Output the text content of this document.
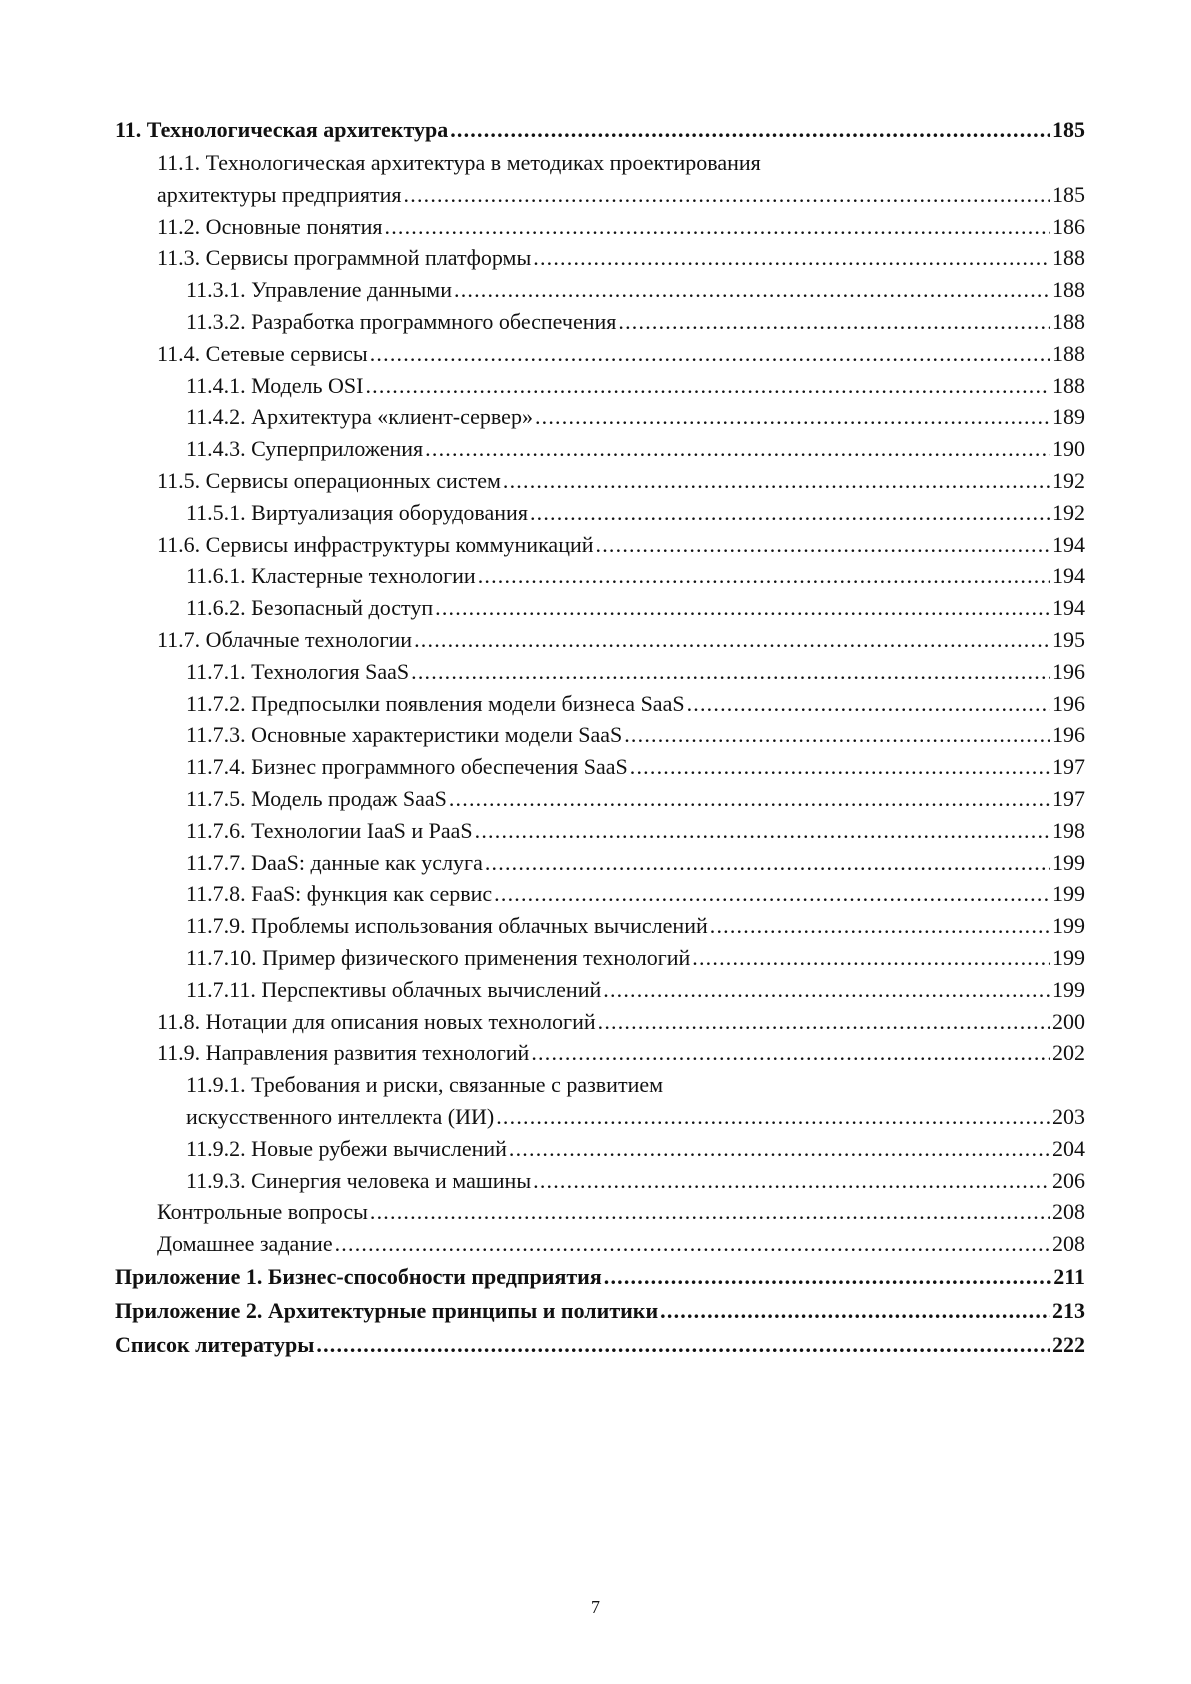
11. Технологическая архитектура .....	185
11.1. Технологическая архитектура в методиках проектирования
архитектуры предприятия .....	185
11.2. Основные понятия .....	186
11.3. Сервисы программной платформы .....	188
11.3.1. Управление данными .....	188
11.3.2. Разработка программного обеспечения .....	188
11.4. Сетевые сервисы .....	188
11.4.1. Модель OSI .....	188
11.4.2. Архитектура «клиент-сервер» .....	189
11.4.3. Суперприложения .....	190
11.5. Сервисы операционных систем .....	192
11.5.1. Виртуализация оборудования .....	192
11.6. Сервисы инфраструктуры коммуникаций .....	194
11.6.1. Кластерные технологии .....	194
11.6.2. Безопасный доступ .....	194
11.7. Облачные технологии .....	195
11.7.1. Технология SaaS .....	196
11.7.2. Предпосылки появления модели бизнеса SaaS .....	196
11.7.3. Основные характеристики модели SaaS .....	196
11.7.4. Бизнес программного обеспечения SaaS .....	197
11.7.5. Модель продаж SaaS .....	197
11.7.6. Технологии IaaS и PaaS .....	198
11.7.7. DaaS: данные как услуга .....	199
11.7.8. FaaS: функция как сервис .....	199
11.7.9. Проблемы использования облачных вычислений .....	199
11.7.10. Пример физического применения технологий .....	199
11.7.11. Перспективы облачных вычислений .....	199
11.8. Нотации для описания новых технологий .....	200
11.9. Направления развития технологий .....	202
11.9.1. Требования и риски, связанные с развитием
искусственного интеллекта (ИИ) .....	203
11.9.2. Новые рубежи вычислений .....	204
11.9.3. Синергия человека и машины .....	206
Контрольные вопросы .....	208
Домашнее задание .....	208
Приложение 1. Бизнес-способности предприятия .....	211
Приложение 2. Архитектурные принципы и политики .....	213
Список литературы .....	222
7
